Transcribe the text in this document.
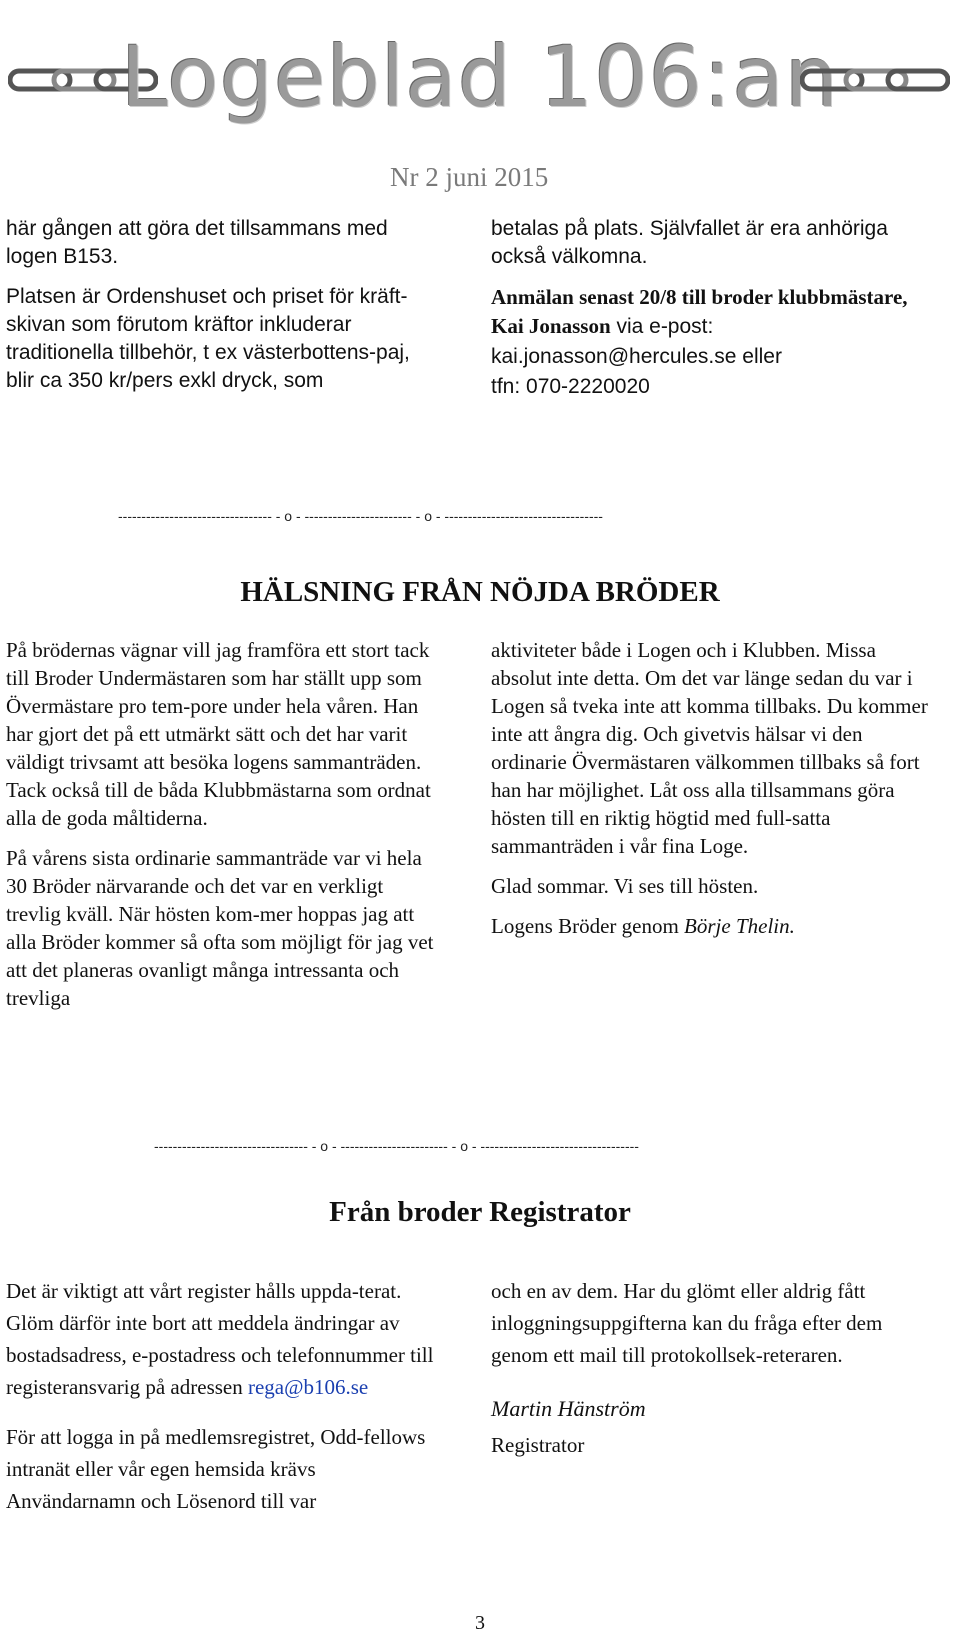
Logeblad 106:an
Nr 2 juni 2015

här gången att göra det tillsammans med logen B153.

Platsen är Ordenshuset och priset för kräft-skivan som förutom kräftor inkluderar traditionella tillbehör, t ex västerbottens-paj, blir ca 350 kr/pers exkl dryck, som

betalas på plats. Självfallet är era anhöriga också välkomna.

Anmälan senast 20/8 till broder klubbmästare, Kai Jonasson via e-post:

kai.jonasson@hercules.se eller

tfn: 070-2220020

--------------------------------- - o - ----------------------- - o - ----------------------------------
HÄLSNING FRÅN NÖJDA BRÖDER

På brödernas vägnar vill jag framföra ett stort tack till Broder Undermästaren som har ställt upp som Övermästare pro tem-pore under hela våren. Han har gjort det på ett utmärkt sätt och det har varit väldigt trivsamt att besöka logens sammanträden. Tack också till de båda Klubbmästarna som ordnat alla de goda måltiderna.

På vårens sista ordinarie sammanträde var vi hela 30 Bröder närvarande och det var en verkligt trevlig kväll. När hösten kom-mer hoppas jag att alla Bröder kommer så ofta som möjligt för jag vet att det planeras ovanligt många intressanta och trevliga

aktiviteter både i Logen och i Klubben. Missa absolut inte detta. Om det var länge sedan du var i Logen så tveka inte att komma tillbaks. Du kommer inte att ångra dig. Och givetvis hälsar vi den ordinarie Övermästaren välkommen tillbaks så fort han har möjlighet. Låt oss alla tillsammans göra hösten till en riktig högtid med full-satta sammanträden i vår fina Loge.

Glad sommar. Vi ses till hösten.

Logens Bröder genom Börje Thelin.

--------------------------------- - o - ----------------------- - o - ----------------------------------
Från broder Registrator

Det är viktigt att vårt register hålls uppda-terat. Glöm därför inte bort att meddela ändringar av bostadsadress, e-postadress och telefonnummer till registeransvarig på adressen rega@b106.se

För att logga in på medlemsregistret, Odd-fellows intranät eller vår egen hemsida krävs Användarnamn och Lösenord till var

och en av dem. Har du glömt eller aldrig fått inloggningsuppgifterna kan du fråga efter dem genom ett mail till protokollsek-reteraren.

Martin Hänström

Registrator

3
